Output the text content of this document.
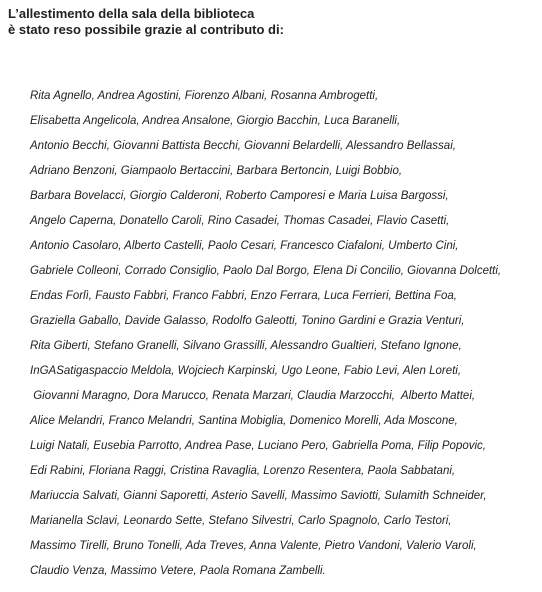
L’allestimento della sala della biblioteca
è stato reso possibile grazie al contributo di:
Rita Agnello, Andrea Agostini, Fiorenzo Albani, Rosanna Ambrogetti,
Elisabetta Angelicola, Andrea Ansalone, Giorgio Bacchin, Luca Baranelli,
Antonio Becchi, Giovanni Battista Becchi, Giovanni Belardelli, Alessandro Bellassai,
Adriano Benzoni, Giampaolo Bertaccini, Barbara Bertoncin, Luigi Bobbio,
Barbara Bovelacci, Giorgio Calderoni, Roberto Camporesi e Maria Luisa Bargossi,
Angelo Caperna, Donatello Caroli, Rino Casadei, Thomas Casadei, Flavio Casetti,
Antonio Casolaro, Alberto Castelli, Paolo Cesari, Francesco Ciafaloni, Umberto Cini,
Gabriele Colleoni, Corrado Consiglio, Paolo Dal Borgo, Elena Di Concilio, Giovanna Dolcetti,
Endas Forlì, Fausto Fabbri, Franco Fabbri, Enzo Ferrara, Luca Ferrieri, Bettina Foa,
Graziella Gaballo, Davide Galasso, Rodolfo Galeotti, Tonino Gardini e Grazia Venturi,
Rita Giberti, Stefano Granelli, Silvano Grassilli, Alessandro Gualtieri, Stefano Ignone,
InGASatigaspaccio Meldola, Wojciech Karpinski, Ugo Leone, Fabio Levi, Alen Loreti,
Giovanni Maragno, Dora Marucco, Renata Marzari, Claudia Marzocchi,  Alberto Mattei,
Alice Melandri, Franco Melandri, Santina Mobiglia, Domenico Morelli, Ada Moscone,
Luigi Natali, Eusebia Parrotto, Andrea Pase, Luciano Pero, Gabriella Poma, Filip Popovic,
Edi Rabini, Floriana Raggi, Cristina Ravaglia, Lorenzo Resentera, Paola Sabbatani,
Mariuccia Salvati, Gianni Saporetti, Asterio Savelli, Massimo Saviotti, Sulamith Schneider,
Marianella Sclavi, Leonardo Sette, Stefano Silvestri, Carlo Spagnolo, Carlo Testori,
Massimo Tirelli, Bruno Tonelli, Ada Treves, Anna Valente, Pietro Vandoni, Valerio Varoli,
Claudio Venza, Massimo Vetere, Paola Romana Zambelli.
